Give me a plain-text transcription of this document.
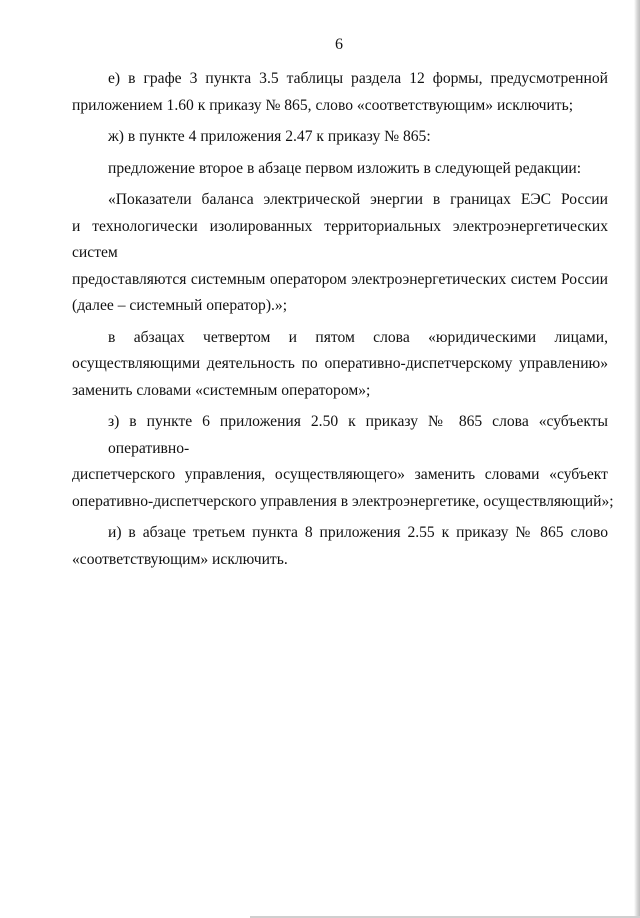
6
е) в графе 3 пункта 3.5 таблицы раздела 12 формы, предусмотренной
приложением 1.60 к приказу № 865, слово «соответствующим» исключить;
ж) в пункте 4 приложения 2.47 к приказу № 865:
предложение второе в абзаце первом изложить в следующей редакции:
«Показатели баланса электрической энергии в границах ЕЭС России
и технологически изолированных территориальных электроэнергетических систем
предоставляются системным оператором электроэнергетических систем России
(далее – системный оператор).»;
в абзацах четвертом и пятом слова «юридическими лицами,
осуществляющими деятельность по оперативно-диспетчерскому управлению»
заменить словами «системным оператором»;
з) в пункте 6 приложения 2.50 к приказу № 865 слова «субъекты оперативно-
диспетчерского управления, осуществляющего» заменить словами «субъект
оперативно-диспетчерского управления в электроэнергетике, осуществляющий»;
и) в абзаце третьем пункта 8 приложения 2.55 к приказу № 865 слово
«соответствующим» исключить.
